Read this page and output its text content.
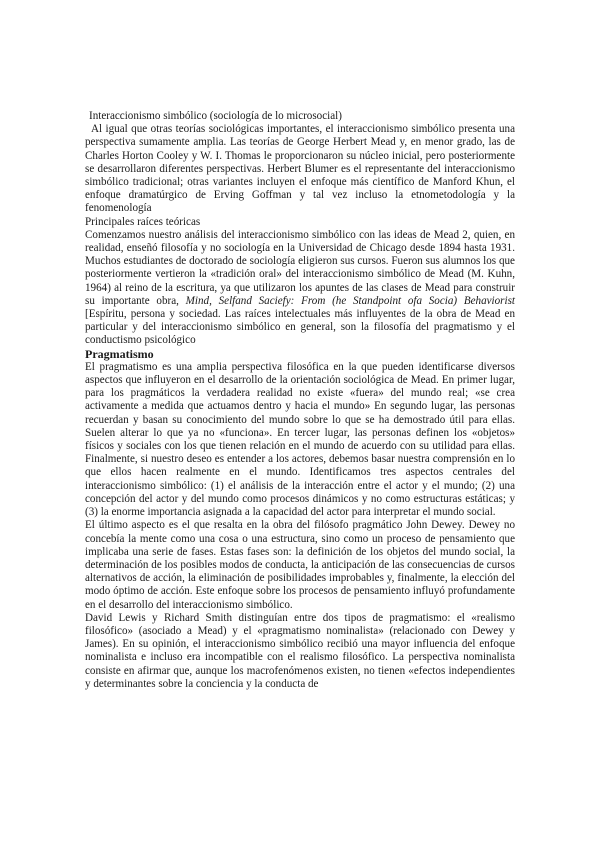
Interaccionismo simbólico (sociología de lo microsocial)

Al igual que otras teorías sociológicas importantes, el interaccionismo simbólico presenta una perspectiva sumamente amplia. Las teorías de George Herbert Mead y, en menor grado, las de Charles Horton Cooley y W. I. Thomas le proporcionaron su núcleo inicial, pero posteriormente se desarrollaron diferentes perspectivas. Herbert Blumer es el representante del interaccionismo simbólico tradicional; otras variantes incluyen el enfoque más científico de Manford Khun, el enfoque dramatúrgico de Erving Goffman y tal vez incluso la etnometodología y la fenomenología

Principales raíces teóricas

Comenzamos nuestro análisis del interaccionismo simbólico con las ideas de Mead 2, quien, en realidad, enseñó filosofía y no sociología en la Universidad de Chicago desde 1894 hasta 1931. Muchos estudiantes de doctorado de sociología eligieron sus cursos. Fueron sus alumnos los que posteriormente vertieron la «tradición oral» del interaccionismo simbólico de Mead (M. Kuhn, 1964) al reino de la escritura, ya que utilizaron los apuntes de las clases de Mead para construir su importante obra, Mind, Selfand Saciefy: From (he Standpoint ofa Socia) Behaviorist [Espíritu, persona y sociedad. Las raíces intelectuales más influyentes de la obra de Mead en particular y del interaccionismo simbólico en general, son la filosofía del pragmatismo y el conductismo psicológico

Pragmatismo

El pragmatismo es una amplia perspectiva filosófica en la que pueden identificarse diversos aspectos que influyeron en el desarrollo de la orientación sociológica de Mead. En primer lugar, para los pragmáticos la verdadera realidad no existe «fuera» del mundo real; «se crea activamente a medida que actuamos dentro y hacia el mundo» En segundo lugar, las personas recuerdan y basan su conocimiento del mundo sobre lo que se ha demostrado útil para ellas. Suelen alterar lo que ya no «funciona». En tercer lugar, las personas definen los «objetos» físicos y sociales con los que tienen relación en el mundo de acuerdo con su utilidad para ellas. Finalmente, si nuestro deseo es entender a los actores, debemos basar nuestra comprensión en lo que ellos hacen realmente en el mundo. Identificamos tres aspectos centrales del interaccionismo simbólico: (1) el análisis de la interacción entre el actor y el mundo; (2) una concepción del actor y del mundo como procesos dinámicos y no como estructuras estáticas; y (3) la enorme importancia asignada a la capacidad del actor para interpretar el mundo social.

El último aspecto es el que resalta en la obra del filósofo pragmático John Dewey. Dewey no concebía la mente como una cosa o una estructura, sino como un proceso de pensamiento que implicaba una serie de fases. Estas fases son: la definición de los objetos del mundo social, la determinación de los posibles modos de conducta, la anticipación de las consecuencias de cursos alternativos de acción, la eliminación de posibilidades improbables y, finalmente, la elección del modo óptimo de acción. Este enfoque sobre los procesos de pensamiento influyó profundamente en el desarrollo del interaccionismo simbólico.

David Lewis y Richard Smith distinguían entre dos tipos de pragmatismo: el «realismo filosófico» (asociado a Mead) y el «pragmatismo nominalista» (relacionado con Dewey y James). En su opinión, el interaccionismo simbólico recibió una mayor influencia del enfoque nominalista e incluso era incompatible con el realismo filosófico. La perspectiva nominalista consiste en afirmar que, aunque los macrofenómenos existen, no tienen «efectos independientes y determinantes sobre la conciencia y la conducta de
